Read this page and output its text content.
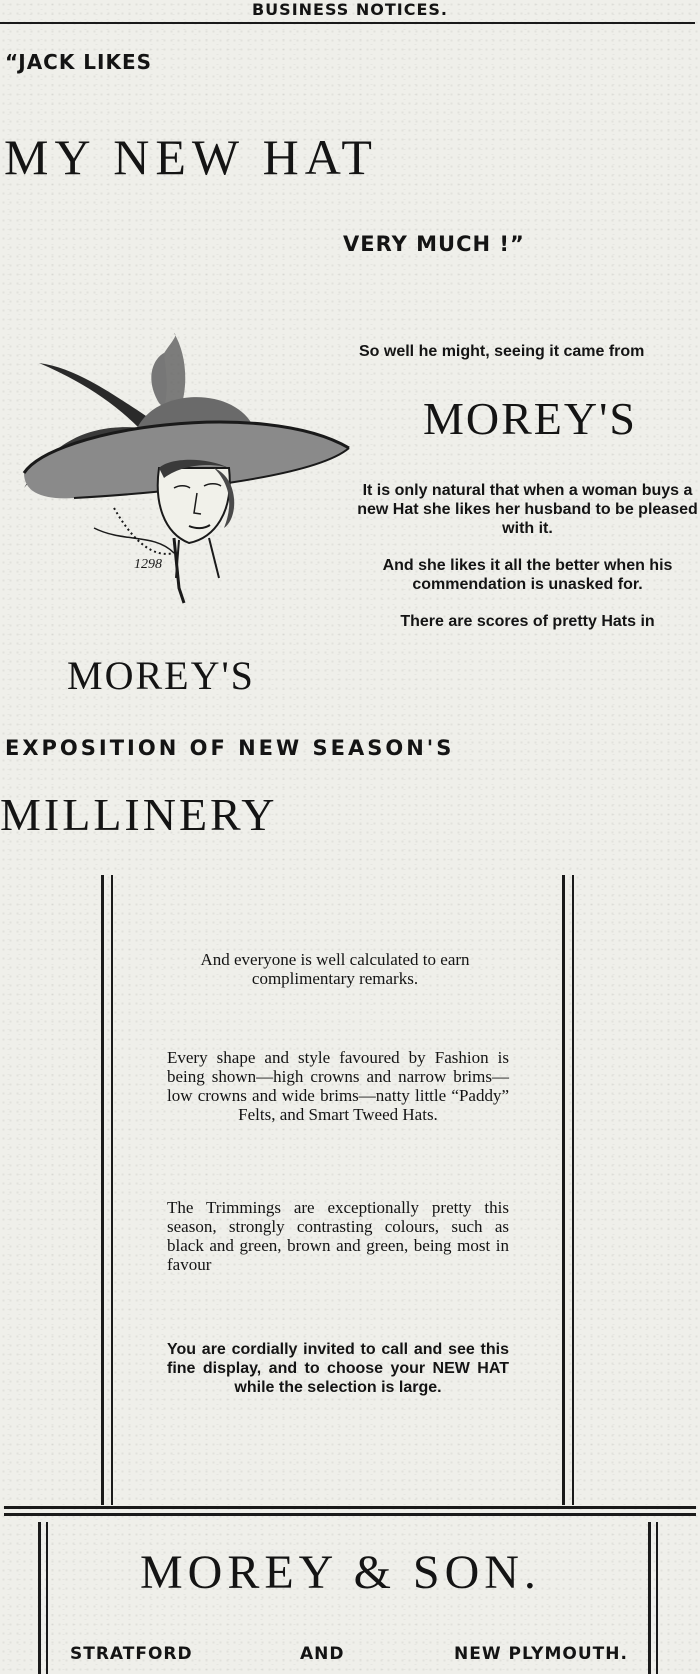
BUSINESS NOTICES.
“JACK LIKES
MY NEW HAT
VERY MUCH !”
So well he might, seeing it came from
MOREY'S
It is only natural that when a woman buys a new Hat she likes her husband to be pleased with it.
And she likes it all the better when his commendation is unasked for.
There are scores of pretty Hats in
1298
MOREY'S
EXPOSITION OF NEW SEASON'S
MILLINERY
And everyone is well calculated to earn complimentary remarks.
Every shape and style favoured by Fashion is being shown—high crowns and narrow brims—low crowns and wide brims—natty little “Paddy” Felts, and Smart Tweed Hats.
The Trimmings are exceptionally pretty this season, strongly contrasting colours, such as black and green, brown and green, being most in favour
You are cordially invited to call and see this fine display, and to choose your NEW HAT while the selection is large.
MOREY & SON.
STRATFORD	AND	NEW PLYMOUTH.
